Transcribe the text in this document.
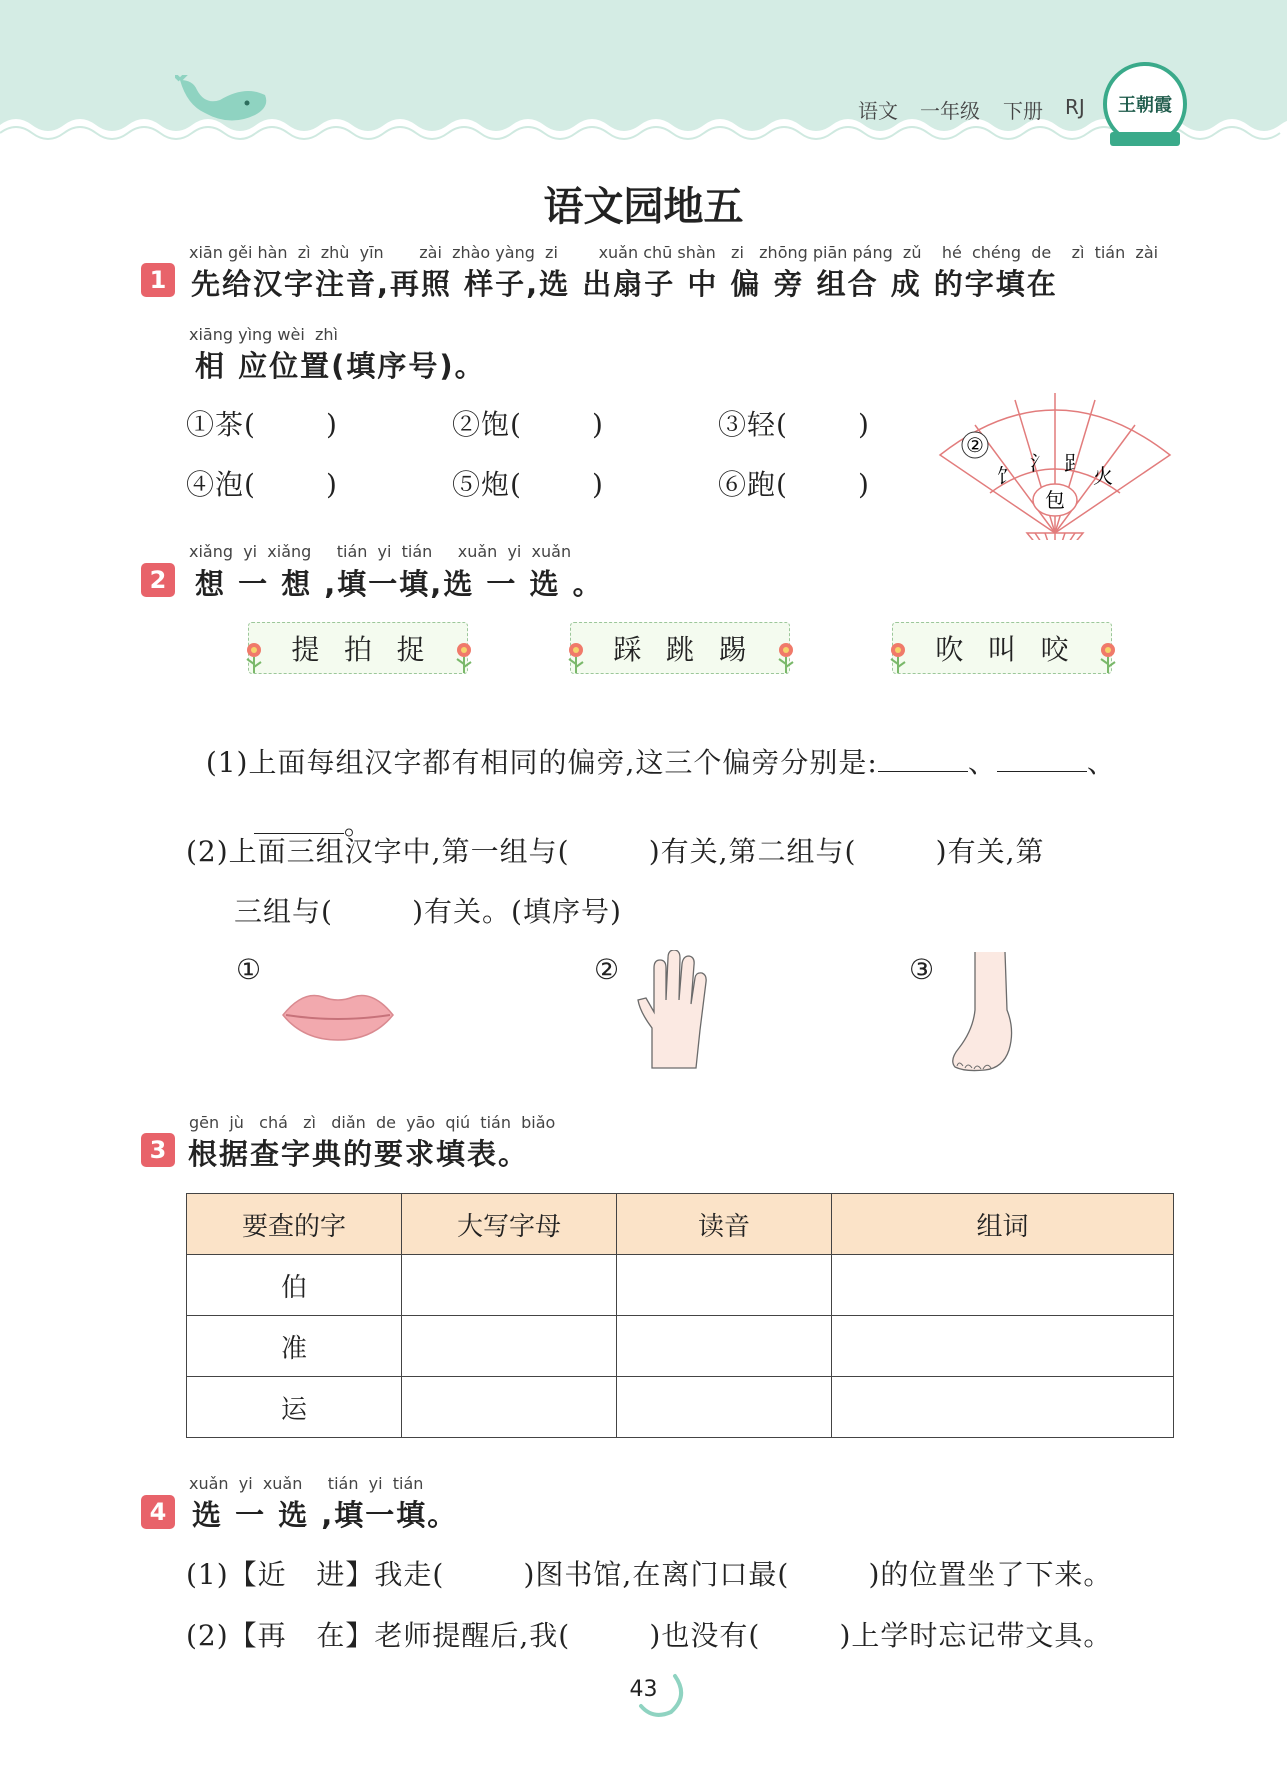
语文 一年级 下册 RJ 王朝霞
语文园地五
xiān gěi hàn  zì  zhù  yīn       zài  zhào yàng  zi        xuǎn chū shàn   zi   zhōng piān páng  zǔ    hé  chéng  de    zì  tián  zài
1 先给汉字注音,再照 样子,选 出扇子 中 偏 旁 组合 成 的字填在
xiāng yìng wèi  zhì
相 应位置(填序号)。
①茶(	)	②饱(	)	③轻(	)
④泡(	)	⑤炮(	)	⑥跑(	)
②
饣
氵 𧾷
火
包
xiǎng  yi  xiǎng     tián  yi  tián     xuǎn  yi  xuǎn
2 想 一 想 ,填一填,选 一 选 。
提 拍 捉	踩 跳 踢	吹 叫 咬

(1)上面每组汉字都有相同的偏旁,这三个偏旁分别是:	、	、

。

(2)上面三组汉字中,第一组与(        )有关,第二组与(        )有关,第
三组与(        )有关。(填序号)
①	②	③
gēn  jù   chá   zì   diǎn  de  yāo  qiú  tián  biǎo
3 根据查字典的要求填表。
要查的字	大写字母	读音	组词
伯			
准			
运			
xuǎn  yi  xuǎn     tián  yi  tián
4 选 一 选 ,填一填。
(1)【近   进】我走(        )图书馆,在离门口最(        )的位置坐了下来。
(2)【再   在】老师提醒后,我(        )也没有(        )上学时忘记带文具。
43
